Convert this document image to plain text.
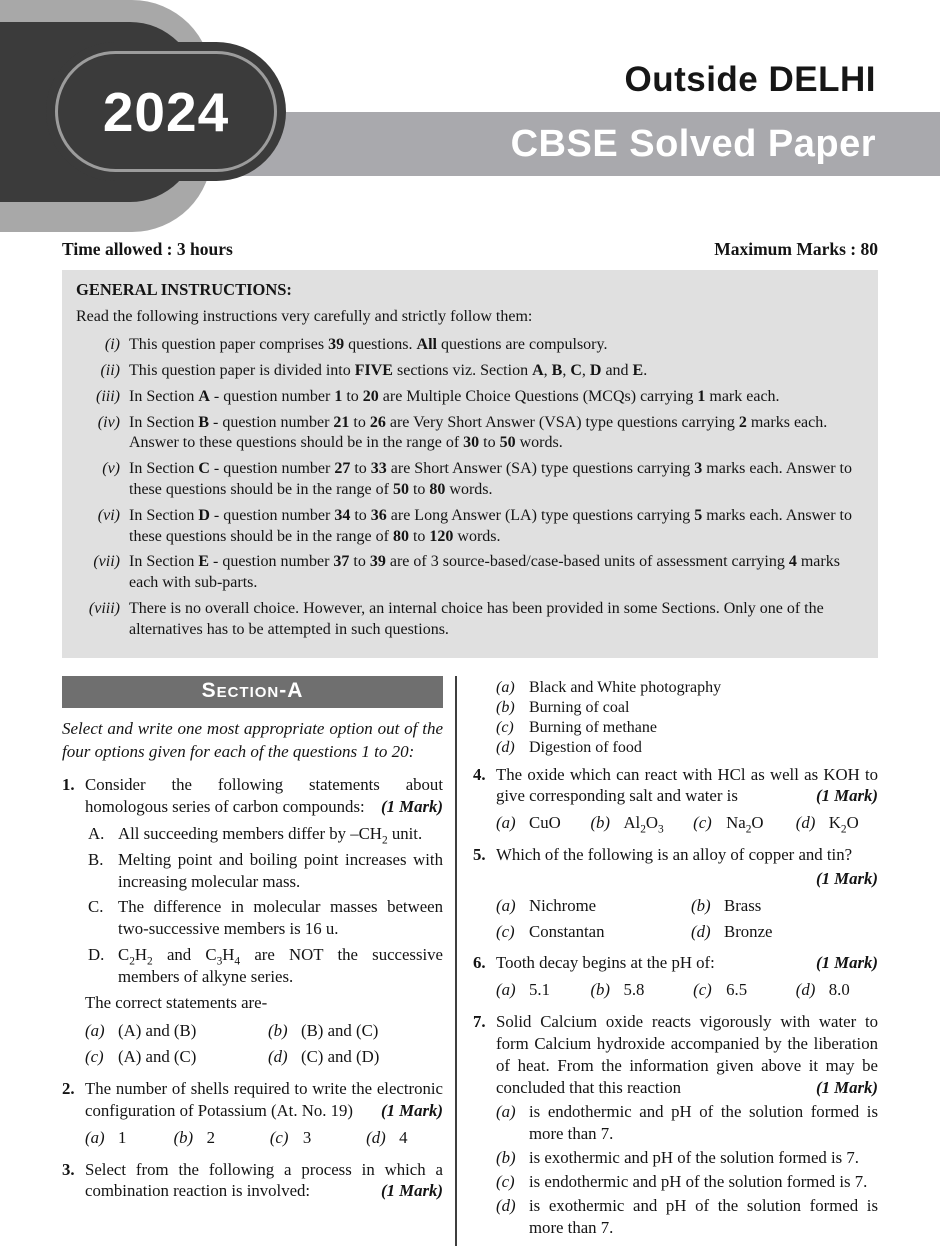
CBSE Solved Paper
Outside DELHI
2024
Time allowed : 3 hours	Maximum Marks : 80
GENERAL INSTRUCTIONS:
Read the following instructions very carefully and strictly follow them:
(i) This question paper comprises 39 questions. All questions are compulsory.
(ii) This question paper is divided into FIVE sections viz. Section A, B, C, D and E.
(iii) In Section A - question number 1 to 20 are Multiple Choice Questions (MCQs) carrying 1 mark each.
(iv) In Section B - question number 21 to 26 are Very Short Answer (VSA) type questions carrying 2 marks each. Answer to these questions should be in the range of 30 to 50 words.
(v) In Section C - question number 27 to 33 are Short Answer (SA) type questions carrying 3 marks each. Answer to these questions should be in the range of 50 to 80 words.
(vi) In Section D - question number 34 to 36 are Long Answer (LA) type questions carrying 5 marks each. Answer to these questions should be in the range of 80 to 120 words.
(vii) In Section E - question number 37 to 39 are of 3 source-based/case-based units of assessment carrying 4 marks each with sub-parts.
(viii) There is no overall choice. However, an internal choice has been provided in some Sections. Only one of the alternatives has to be attempted in such questions.
Section-A
Select and write one most appropriate option out of the four options given for each of the questions 1 to 20:
1. Consider the following statements about homologous series of carbon compounds: (1 Mark)
A. All succeeding members differ by $-CH_2$ unit.
B. Melting point and boiling point increases with increasing molecular mass.
C. The difference in molecular masses between two-successive members is 16 u.
D. $C_2H_2$ and $C_3H_4$ are NOT the successive members of alkyne series.
The correct statements are-
(a) (A) and (B)	(b) (B) and (C)
(c) (A) and (C)	(d) (C) and (D)
2. The number of shells required to write the electronic configuration of Potassium (At. No. 19) (1 Mark)
(a) 1	(b) 2	(c) 3	(d) 4
3. Select from the following a process in which a combination reaction is involved:	(1 Mark)
(a) Black and White photography
(b) Burning of coal
(c) Burning of methane
(d) Digestion of food
4. The oxide which can react with HCl as well as KOH to give corresponding salt and water is	(1 Mark)
(a) CuO	(b) $Al_2O_3$	(c) $Na_2O$	(d) $K_2O$
5. Which of the following is an alloy of copper and tin?
(1 Mark)
(a) Nichrome	(b) Brass
(c) Constantan	(d) Bronze
6. Tooth decay begins at the pH of:	(1 Mark)
(a) 5.1	(b) 5.8	(c) 6.5	(d) 8.0
7. Solid Calcium oxide reacts vigorously with water to form Calcium hydroxide accompanied by the liberation of heat. From the information given above it may be concluded that this reaction	(1 Mark)
(a) is endothermic and pH of the solution formed is more than 7.
(b) is exothermic and pH of the solution formed is 7.
(c) is endothermic and pH of the solution formed is 7.
(d) is exothermic and pH of the solution formed is more than 7.
